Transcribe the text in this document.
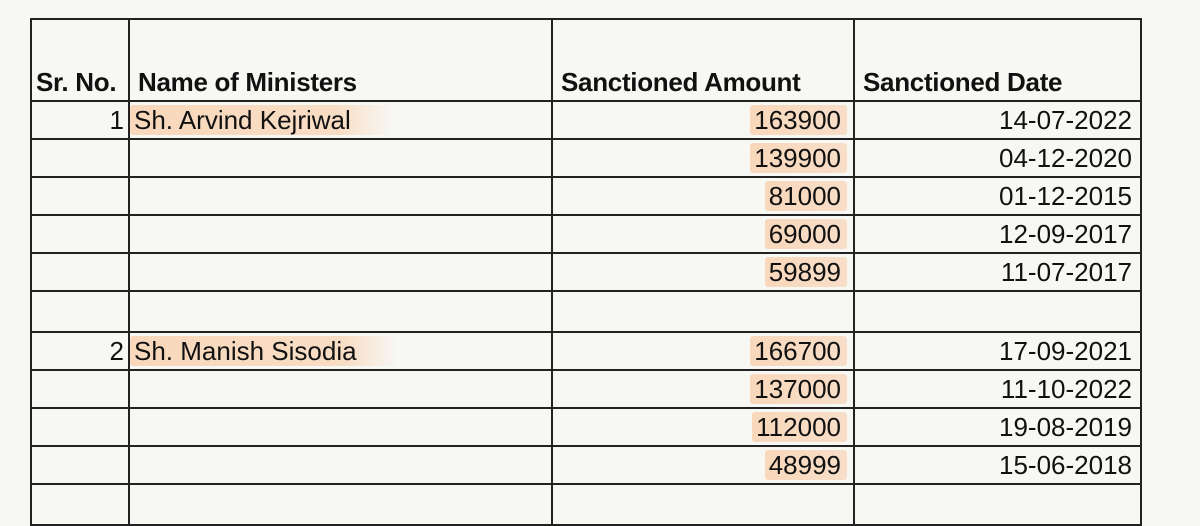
Sr. No.	Name of Ministers	Sanctioned Amount	Sanctioned Date
1	Sh. Arvind Kejriwal	163900	14-07-2022
		139900	04-12-2020
		81000	01-12-2015
		69000	12-09-2017
		59899	11-07-2017

2	Sh. Manish Sisodia	166700	17-09-2021
		137000	11-10-2022
		112000	19-08-2019
		48999	15-06-2018
